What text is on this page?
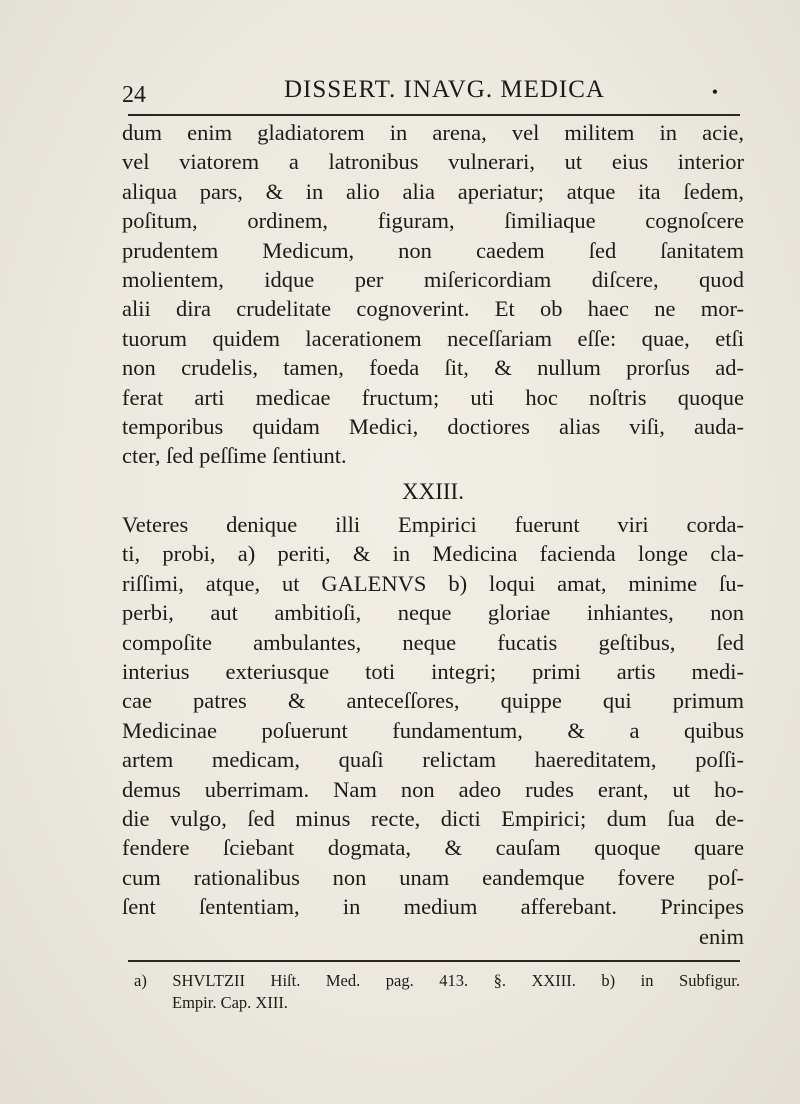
24	DISSERT. INAVG. MEDICA	•
dum enim gladiatorem in arena, vel militem in acie,
vel viatorem a latronibus vulnerari, ut eius interior
aliqua pars, & in alio alia aperiatur; atque ita ſedem,
poſitum, ordinem, figuram, ſimiliaque cognoſcere
prudentem Medicum, non caedem ſed ſanitatem
molientem, idque per miſericordiam diſcere, quod
alii dira crudelitate cognoverint. Et ob haec ne mor-
tuorum quidem lacerationem neceſſariam eſſe: quae, etſi
non crudelis, tamen, foeda ſit, & nullum prorſus ad-
ferat arti medicae fructum; uti hoc noſtris quoque
temporibus quidam Medici, doctiores alias viſi, auda-
cter, ſed peſſime ſentiunt.
XXIII.
Veteres denique illi Empirici fuerunt viri corda-
ti, probi, a) periti, & in Medicina facienda longe cla-
riſſimi, atque, ut GALENVS b) loqui amat, minime ſu-
perbi, aut ambitioſi, neque gloriae inhiantes, non
compoſite ambulantes, neque fucatis geſtibus, ſed
interius exteriusque toti integri; primi artis medi-
cae patres & anteceſſores, quippe qui primum
Medicinae poſuerunt fundamentum, & a quibus
artem medicam, quaſi relictam haereditatem, poſſi-
demus uberrimam. Nam non adeo rudes erant, ut ho-
die vulgo, ſed minus recte, dicti Empirici; dum ſua de-
fendere ſciebant dogmata, & cauſam quoque quare
cum rationalibus non unam eandemque fovere poſ-
ſent ſententiam, in medium afferebant. Principes
enim
a) SHVLTZII Hiſt. Med. pag. 413. §. XXIII. b) in Subfigur.
Empir. Cap. XIII.
